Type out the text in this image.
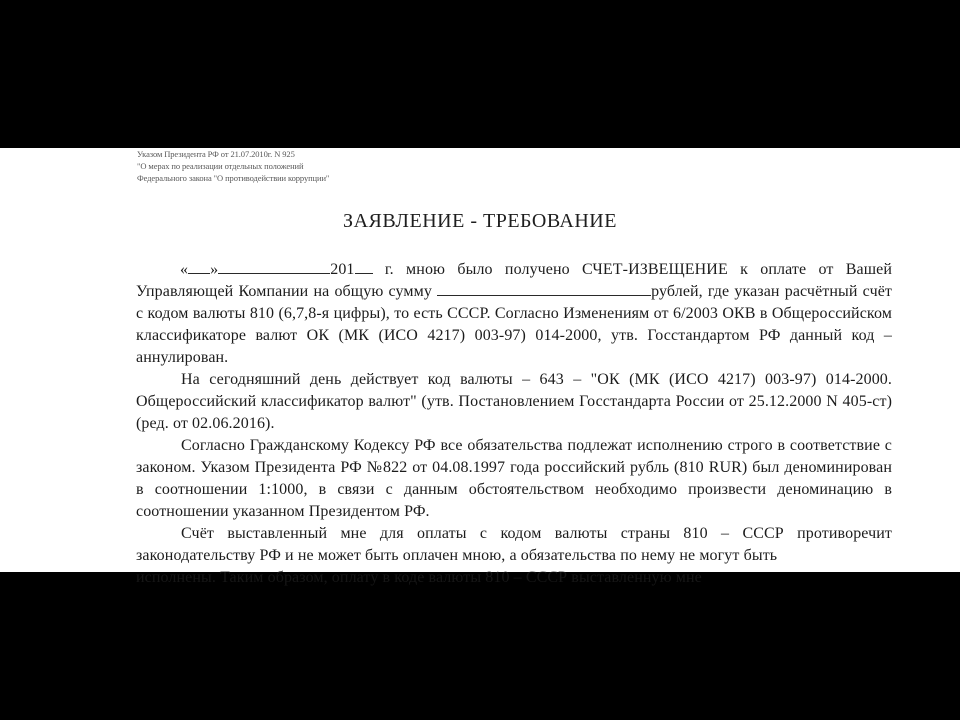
Указом Президента РФ от 21.07.2010г. N 925
"О мерах по реализации отдельных положений
Федерального закона "О противодействии коррупции"
ЗАЯВЛЕНИЕ - ТРЕБОВАНИЕ

« »	201 г. мною было получено СЧЕТ-ИЗВЕЩЕНИЕ к оплате от Вашей Управляющей Компании на общую сумму	рублей, где указан расчётный счёт с кодом валюты 810 (6,7,8-я цифры), то есть СССР. Согласно Изменениям от 6/2003 ОКВ в Общероссийском классификаторе валют ОК (МК (ИСО 4217) 003-97) 014-2000, утв. Госстандартом РФ данный код – аннулирован.

На сегодняшний день действует код валюты – 643 – "ОК (МК (ИСО 4217) 003-97) 014-2000. Общероссийский классификатор валют" (утв. Постановлением Госстандарта России от 25.12.2000 N 405-ст) (ред. от 02.06.2016).

Согласно Гражданскому Кодексу РФ все обязательства подлежат исполнению строго в соответствие с законом. Указом Президента РФ №822 от 04.08.1997 года российский рубль (810 RUR) был деноминирован в соотношении 1:1000, в связи с данным обстоятельством необходимо произвести деноминацию в соотношении указанном Президентом РФ.

Счёт выставленный мне для оплаты с кодом валюты страны 810 – СССР противоречит законодательству РФ и не может быть оплачен мною, а обязательства по нему не могут быть

исполнены. Таким образом, оплату в коде валюты 810 – СССР выставленную мне
